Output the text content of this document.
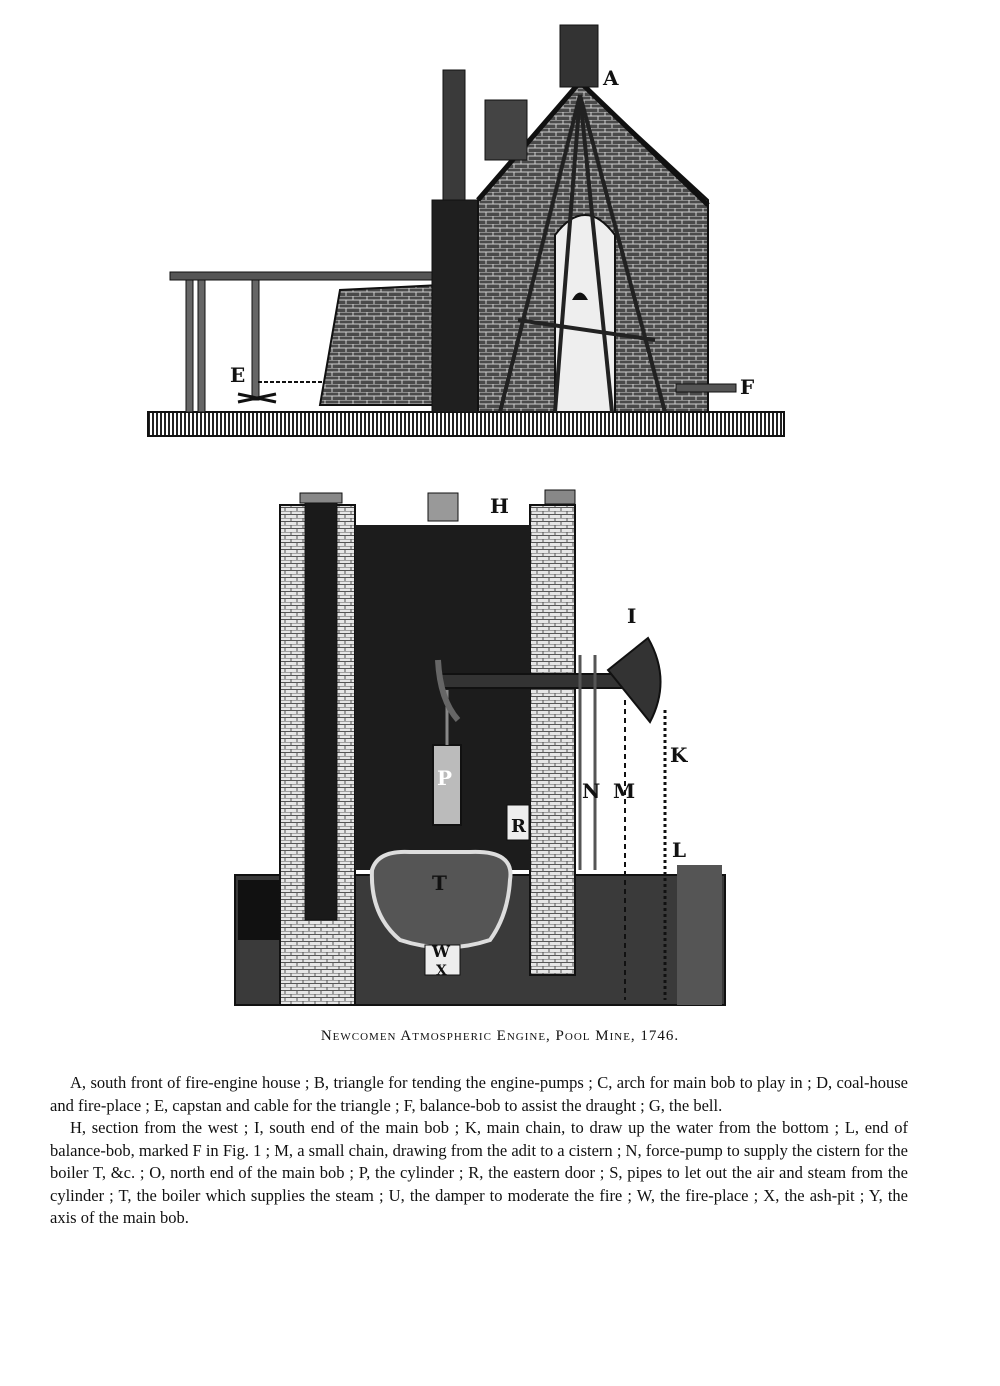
A
E	F
H
I
K
N M
L
P
R
T
W
X
Newcomen Atmospheric Engine, Pool Mine, 1746.

A, south front of fire-engine house ; B, triangle for tending the engine-pumps ; C, arch for main bob to play in ; D, coal-house and fire-place ; E, capstan and cable for the triangle ; F, balance-bob to assist the draught ; G, the bell.

H, section from the west ; I, south end of the main bob ; K, main chain, to draw up the water from the bottom ; L, end of balance-bob, marked F in Fig. 1 ; M, a small chain, drawing from the adit to a cistern ; N, force-pump to supply the cistern for the boiler T, &c. ; O, north end of the main bob ; P, the cylinder ; R, the eastern door ; S, pipes to let out the air and steam from the cylinder ; T, the boiler which supplies the steam ; U, the damper to moderate the fire ; W, the fire-place ; X, the ash-pit ; Y, the axis of the main bob.
